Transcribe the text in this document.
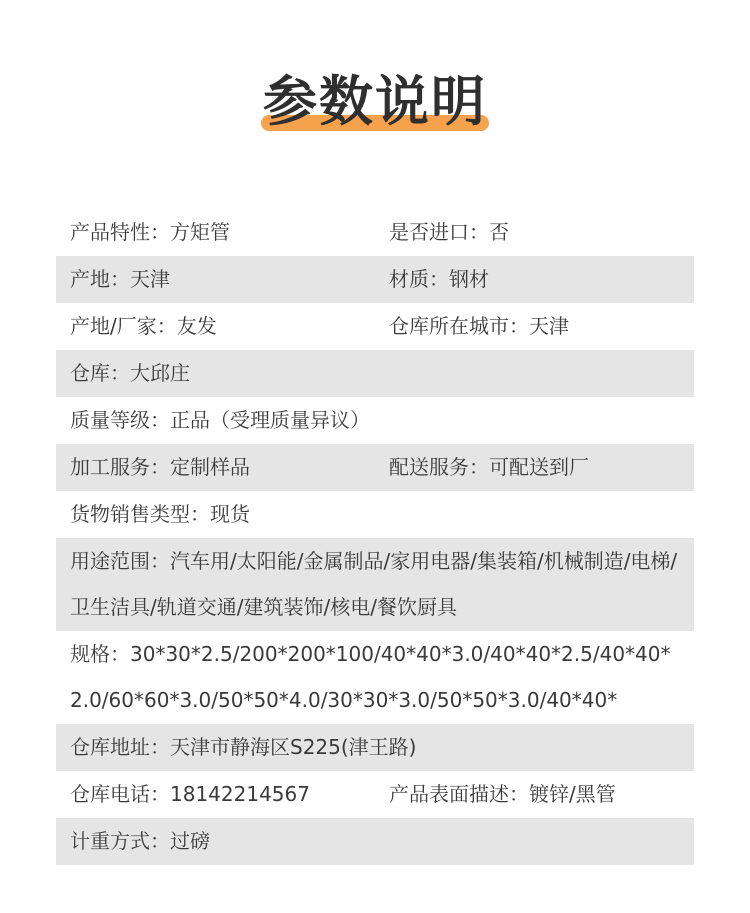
参数说明
产品特性：方矩管	是否进口：否
产地：天津	材质：钢材
产地/厂家：友发	仓库所在城市：天津
仓库：大邱庄
质量等级：正品（受理质量异议）
加工服务：定制样品	配送服务：可配送到厂
货物销售类型：现货
用途范围：汽车用/太阳能/金属制品/家用电器/集装箱/机械制造/电梯/卫生洁具/轨道交通/建筑装饰/核电/餐饮厨具
规格：30*30*2.5/200*200*100/40*40*3.0/40*40*2.5/40*40*2.0/60*60*3.0/50*50*4.0/30*30*3.0/50*50*3.0/40*40*
仓库地址：天津市静海区S225(津王路)
仓库电话：18142214567	产品表面描述：镀锌/黑管
计重方式：过磅
